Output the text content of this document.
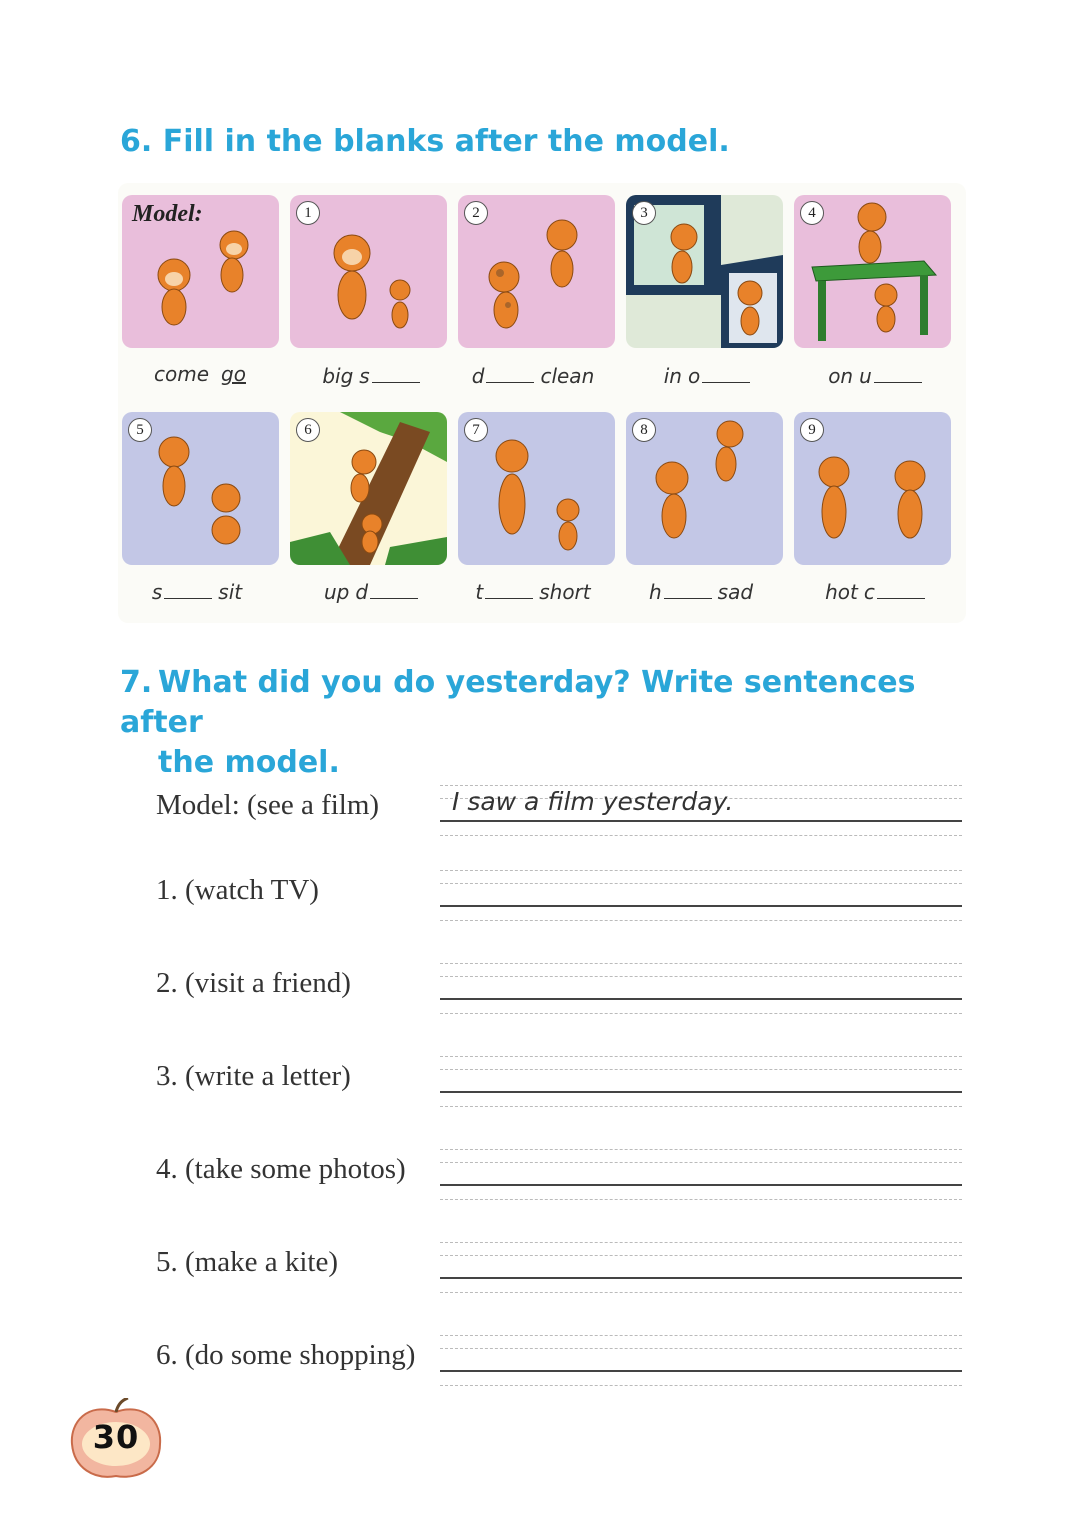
6. Fill in the blanks after the model.
Model:	1	2	3	4
come go	big s	d	clean	in o	on u
5	6	7	8	9
s	sit	up d	t	short	h	sad	hot c
7. What did you do yesterday? Write sentences after
the model.
Model: (see a film)	I saw a film yesterday.
1. (watch TV)
2. (visit a friend)
3. (write a letter)
4. (take some photos)
5. (make a kite)
6. (do some shopping)
30
